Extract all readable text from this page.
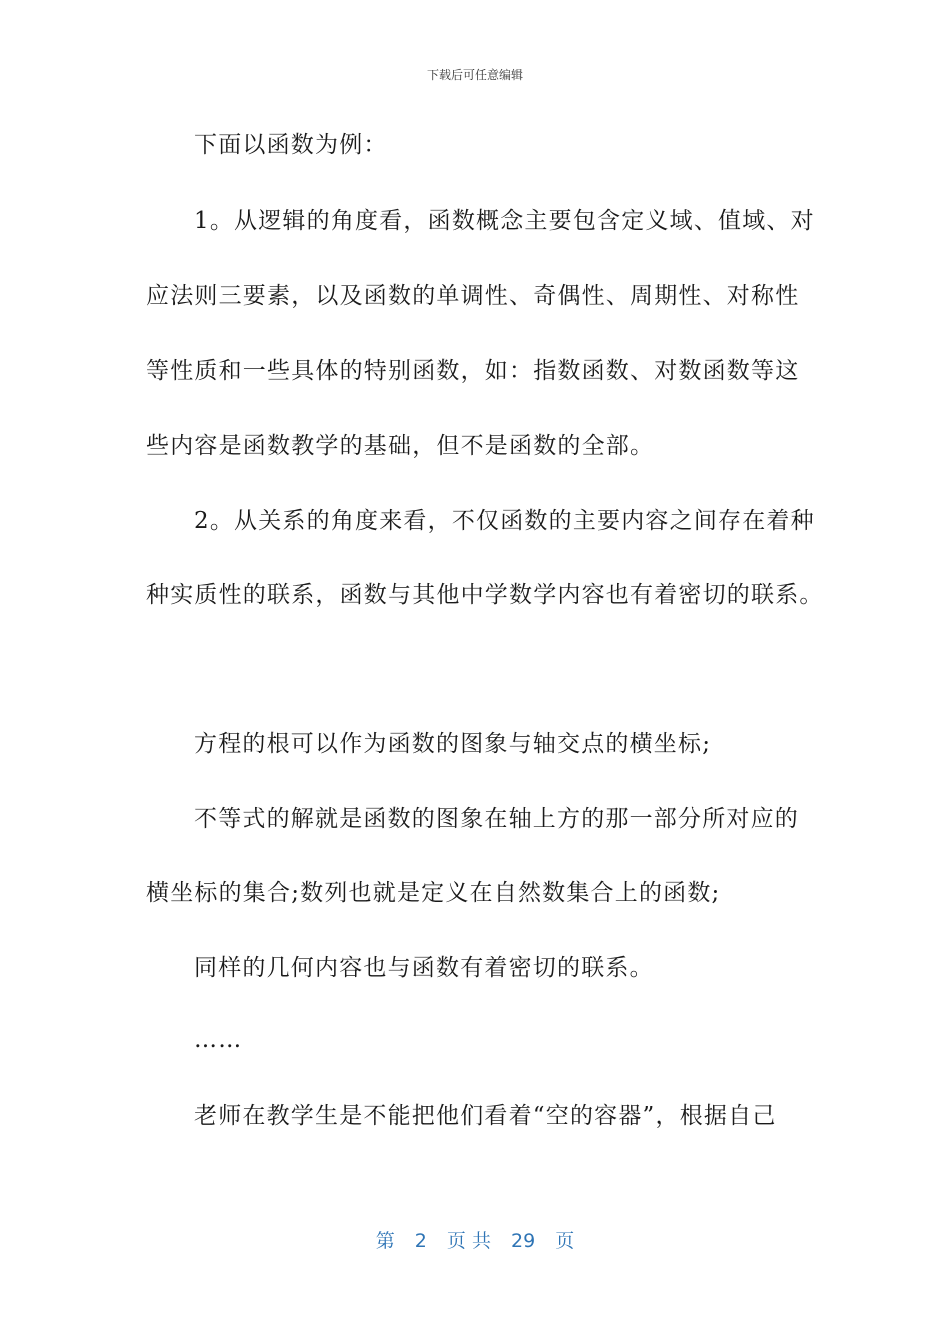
下载后可任意编辑
下面以函数为例：
1。从逻辑的角度看，函数概念主要包含定义域、值域、对
应法则三要素，以及函数的单调性、奇偶性、周期性、对称性
等性质和一些具体的特别函数，如：指数函数、对数函数等这
些内容是函数教学的基础，但不是函数的全部。
2。从关系的角度来看，不仅函数的主要内容之间存在着种
种实质性的联系，函数与其他中学数学内容也有着密切的联系。
方程的根可以作为函数的图象与轴交点的横坐标;
不等式的解就是函数的图象在轴上方的那一部分所对应的
横坐标的集合;数列也就是定义在自然数集合上的函数;
同样的几何内容也与函数有着密切的联系。
……
老师在教学生是不能把他们看着“空的容器”，根据自己
第 2 页 共 29 页
